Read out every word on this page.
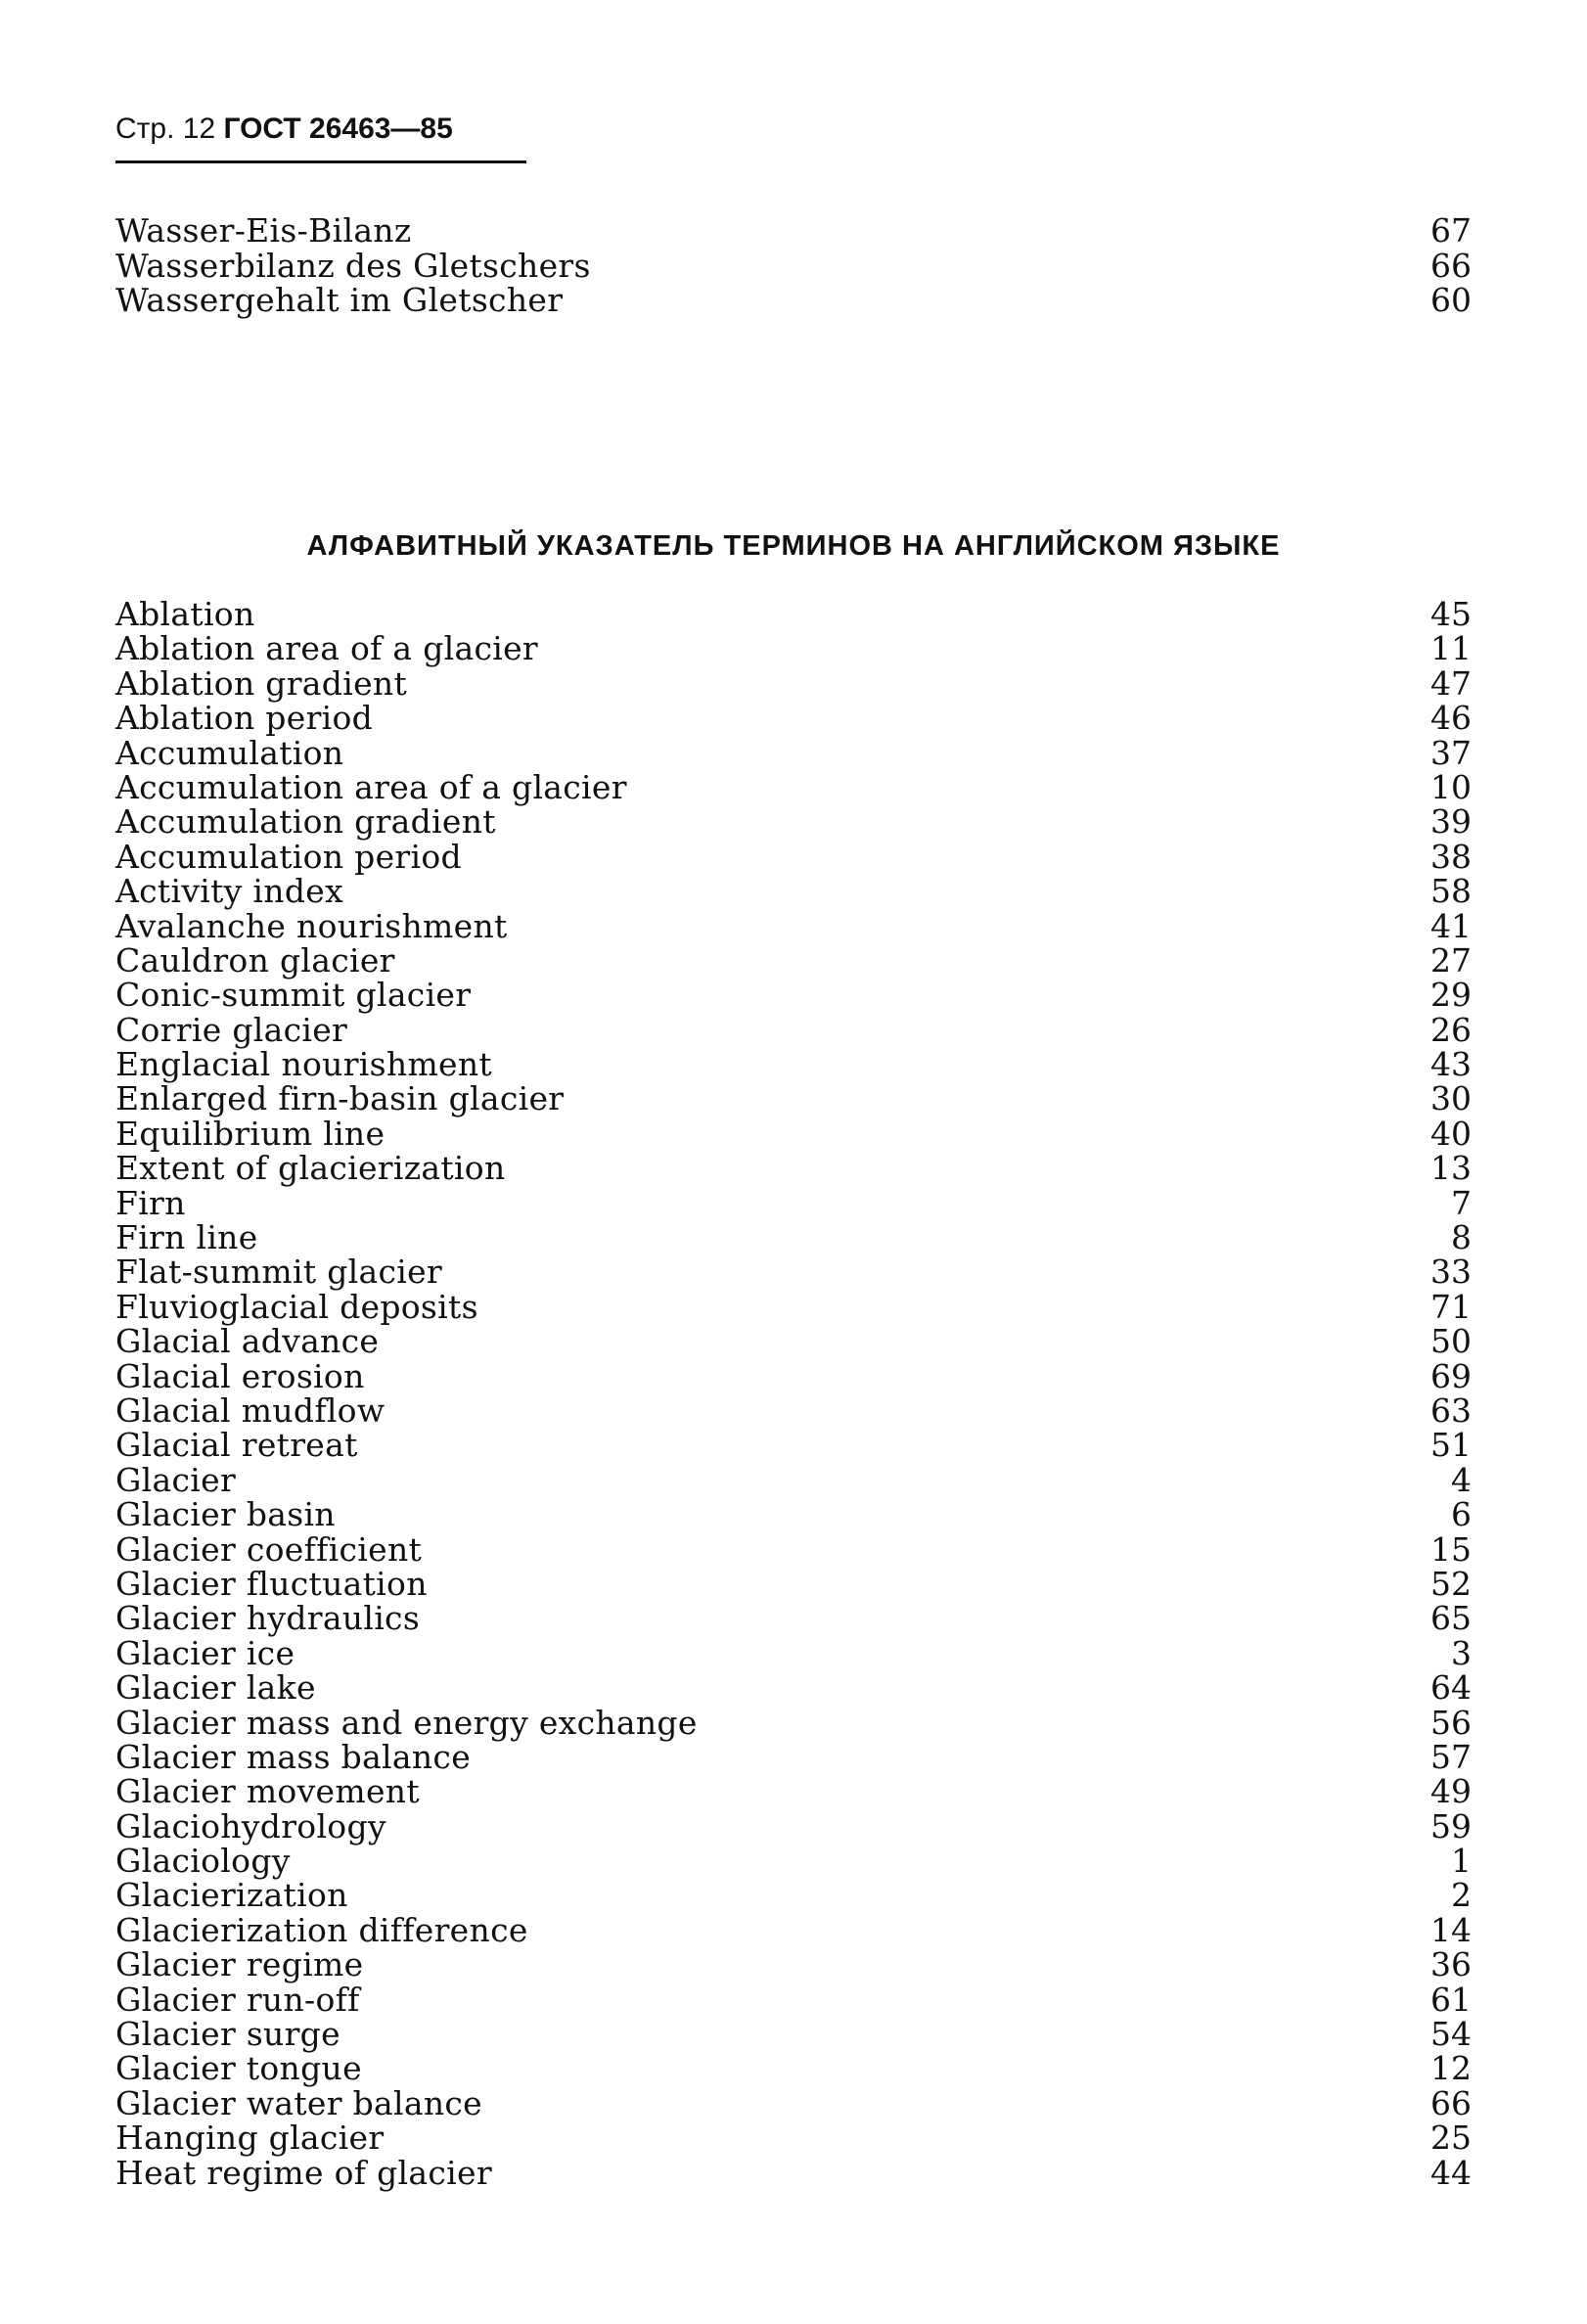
Стр. 12 ГОСТ 26463—85
Wasser-Eis-Bilanz	67
Wasserbilanz des Gletschers	66
Wassergehalt im Gletscher	60
АЛФАВИТНЫЙ УКАЗАТЕЛЬ ТЕРМИНОВ НА АНГЛИЙСКОМ ЯЗЫКЕ
Ablation	45
Ablation area of a glacier	11
Ablation gradient	47
Ablation period	46
Accumulation	37
Accumulation area of a glacier	10
Accumulation gradient	39
Accumulation period	38
Activity index	58
Avalanche nourishment	41
Cauldron glacier	27
Conic-summit glacier	29
Corrie glacier	26
Englacial nourishment	43
Enlarged firn-basin glacier	30
Equilibrium line	40
Extent of glacierization	13
Firn	7
Firn line	8
Flat-summit glacier	33
Fluvioglacial deposits	71
Glacial advance	50
Glacial erosion	69
Glacial mudflow	63
Glacial retreat	51
Glacier	4
Glacier basin	6
Glacier coefficient	15
Glacier fluctuation	52
Glacier hydraulics	65
Glacier ice	3
Glacier lake	64
Glacier mass and energy exchange	56
Glacier mass balance	57
Glacier movement	49
Glaciohydrology	59
Glaciology	1
Glacierization	2
Glacierization difference	14
Glacier regime	36
Glacier run-off	61
Glacier surge	54
Glacier tongue	12
Glacier water balance	66
Hanging glacier	25
Heat regime of glacier	44
